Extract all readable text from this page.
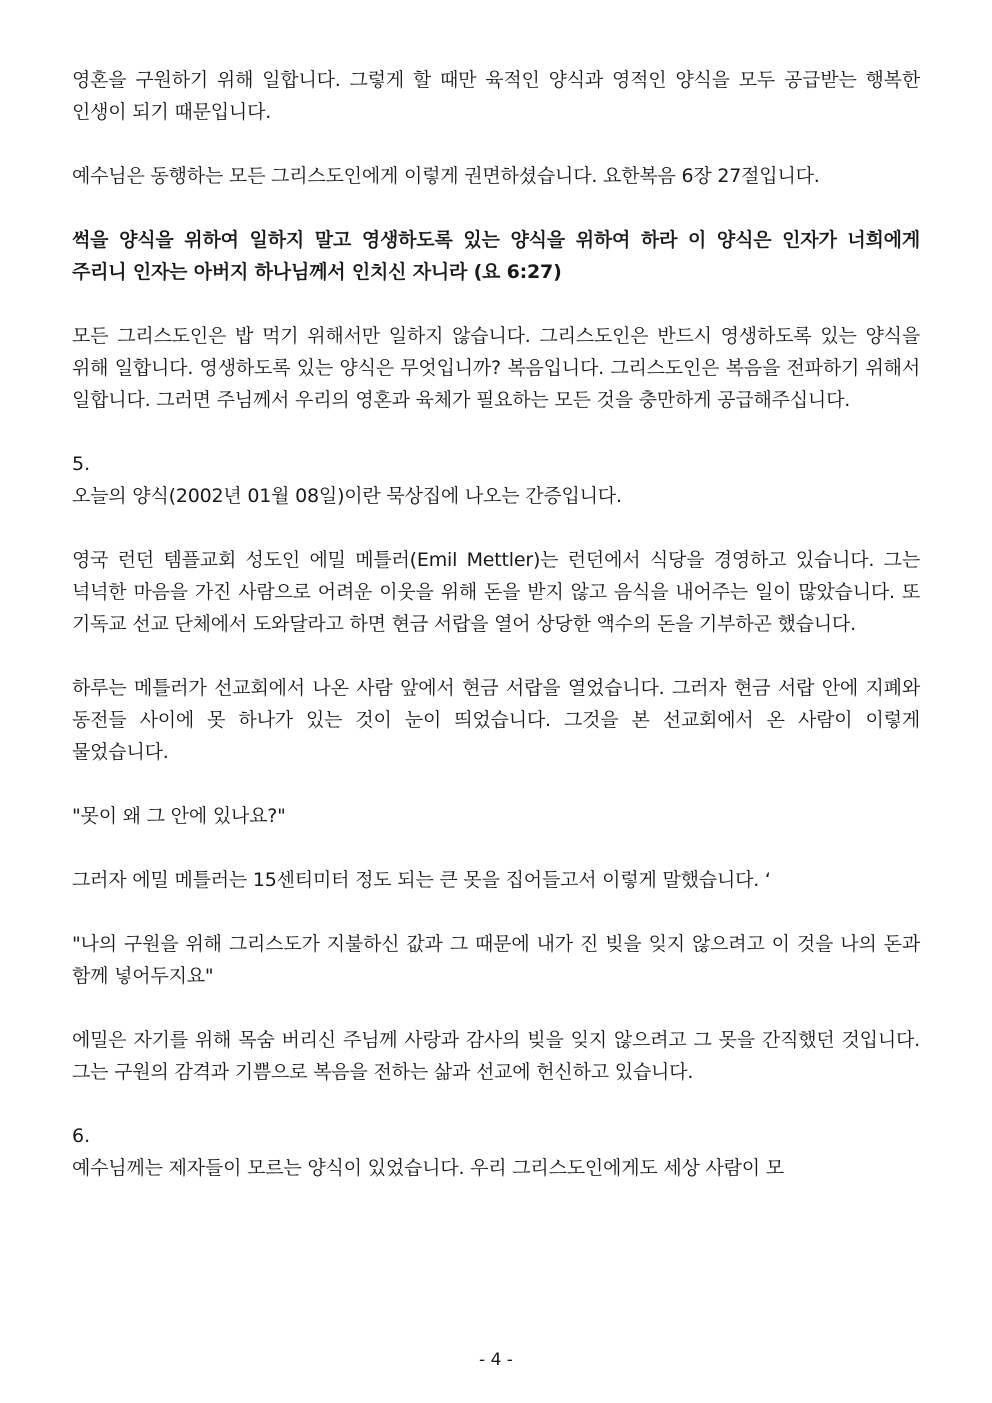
영혼을 구원하기 위해 일합니다. 그렇게 할 때만 육적인 양식과 영적인 양식을 모두 공급받는 행복한 인생이 되기 때문입니다.

예수님은 동행하는 모든 그리스도인에게 이렇게 권면하셨습니다. 요한복음 6장 27절입니다.

썩을 양식을 위하여 일하지 말고 영생하도록 있는 양식을 위하여 하라 이 양식은 인자가 너희에게 주리니 인자는 아버지 하나님께서 인치신 자니라 (요 6:27)

모든 그리스도인은 밥 먹기 위해서만 일하지 않습니다. 그리스도인은 반드시 영생하도록 있는 양식을 위해 일합니다. 영생하도록 있는 양식은 무엇입니까? 복음입니다. 그리스도인은 복음을 전파하기 위해서 일합니다. 그러면 주님께서 우리의 영혼과 육체가 필요하는 모든 것을 충만하게 공급해주십니다.

5.

오늘의 양식(2002년 01월 08일)이란 묵상집에 나오는 간증입니다.

영국 런던 템플교회 성도인 에밀 메틀러(Emil Mettler)는 런던에서 식당을 경영하고 있습니다. 그는 넉넉한 마음을 가진 사람으로 어려운 이웃을 위해 돈을 받지 않고 음식을 내어주는 일이 많았습니다. 또 기독교 선교 단체에서 도와달라고 하면 현금 서랍을 열어 상당한 액수의 돈을 기부하곤 했습니다.

하루는 메틀러가 선교회에서 나온 사람 앞에서 현금 서랍을 열었습니다. 그러자 현금 서랍 안에 지폐와 동전들 사이에 못 하나가 있는 것이 눈이 띄었습니다. 그것을 본 선교회에서 온 사람이 이렇게 물었습니다.

"못이 왜 그 안에 있나요?"

그러자 에밀 메틀러는 15센티미터 정도 되는 큰 못을 집어들고서 이렇게 말했습니다. ‘

"나의 구원을 위해 그리스도가 지불하신 값과 그 때문에 내가 진 빚을 잊지 않으려고 이 것을 나의 돈과 함께 넣어두지요"

에밀은 자기를 위해 목숨 버리신 주님께 사랑과 감사의 빚을 잊지 않으려고 그 못을 간직했던 것입니다. 그는 구원의 감격과 기쁨으로 복음을 전하는 삶과 선교에 헌신하고 있습니다.

6.

예수님께는 제자들이 모르는 양식이 있었습니다. 우리 그리스도인에게도 세상 사람이 모

- 4 -
